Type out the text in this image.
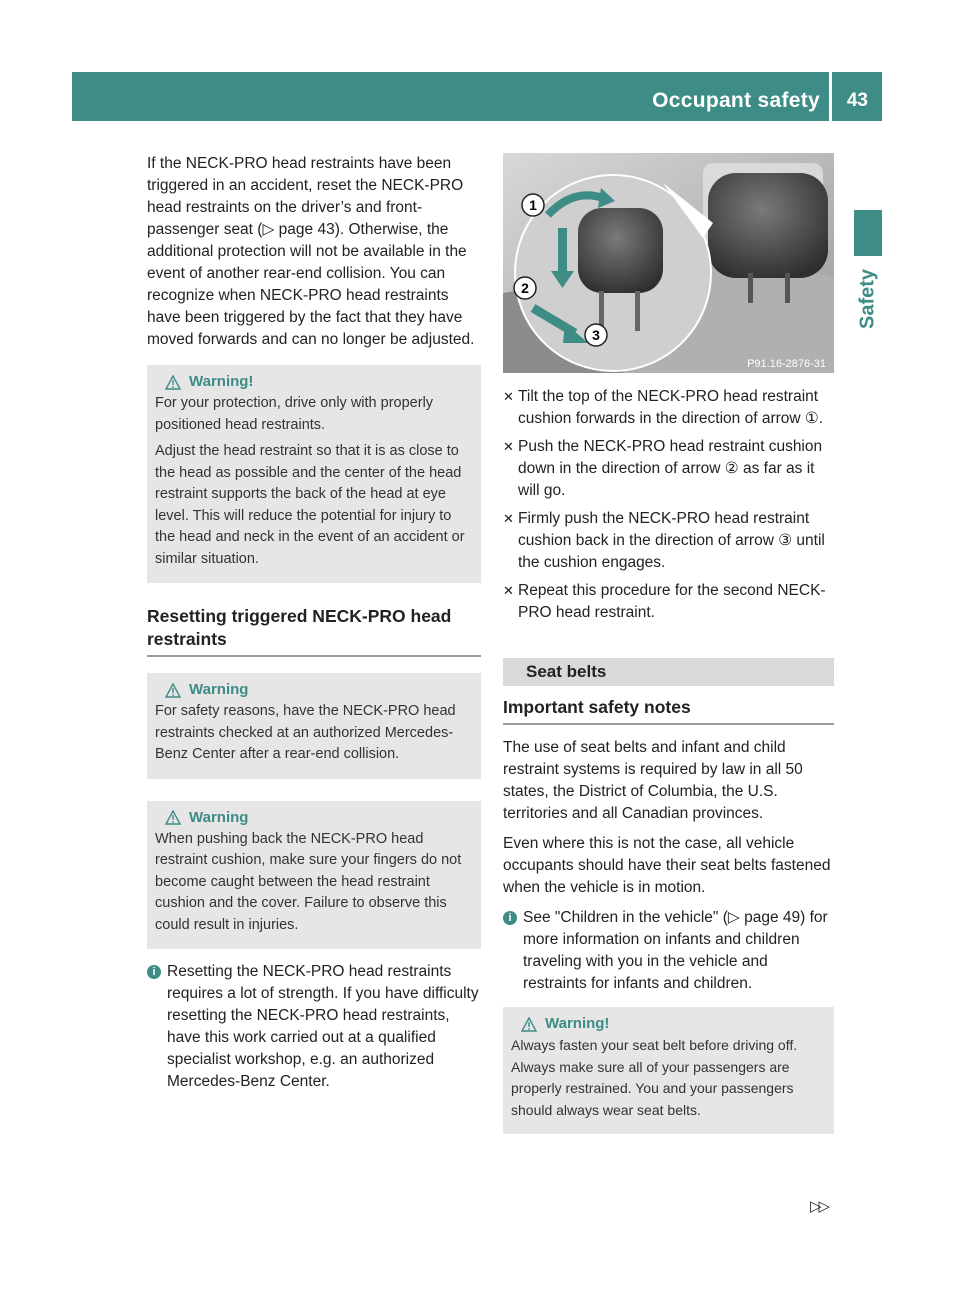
Occupant safety 43
Safety

If the NECK-PRO head restraints have been triggered in an accident, reset the NECK-PRO head restraints on the driver’s and front-passenger seat (▷ page 43). Otherwise, the additional protection will not be available in the event of another rear-end collision. You can recognize when NECK-PRO head restraints have been triggered by the fact that they have moved forwards and can no longer be adjusted.

Warning!

For your protection, drive only with properly positioned head restraints.

Adjust the head restraint so that it is as close to the head as possible and the center of the head restraint supports the back of the head at eye level. This will reduce the potential for injury to the head and neck in the event of an accident or similar situation.

Resetting triggered NECK-PRO head restraints
Warning

For safety reasons, have the NECK-PRO head restraints checked at an authorized Mercedes-Benz Center after a rear-end collision.

Warning

When pushing back the NECK-PRO head restraint cushion, make sure your fingers do not become caught between the head restraint cushion and the cover. Failure to observe this could result in injuries.

i Resetting the NECK-PRO head restraints requires a lot of strength. If you have difficulty resetting the NECK-PRO head restraints, have this work carried out at a qualified specialist workshop, e.g. an authorized Mercedes-Benz Center.

1
2
3
P91.16-2876-31
✕ Tilt the top of the NECK-PRO head restraint cushion forwards in the direction of arrow ①.

✕ Push the NECK-PRO head restraint cushion down in the direction of arrow ② as far as it will go.

✕ Firmly push the NECK-PRO head restraint cushion back in the direction of arrow ③ until the cushion engages.

✕ Repeat this procedure for the second NECK-PRO head restraint.

Seat belts
Important safety notes

The use of seat belts and infant and child restraint systems is required by law in all 50 states, the District of Columbia, the U.S. territories and all Canadian provinces.

Even where this is not the case, all vehicle occupants should have their seat belts fastened when the vehicle is in motion.

i See "Children in the vehicle" (▷ page 49) for more information on infants and children traveling with you in the vehicle and restraints for infants and children.

Warning!

Always fasten your seat belt before driving off. Always make sure all of your passengers are properly restrained. You and your passengers should always wear seat belts.

▷▷
